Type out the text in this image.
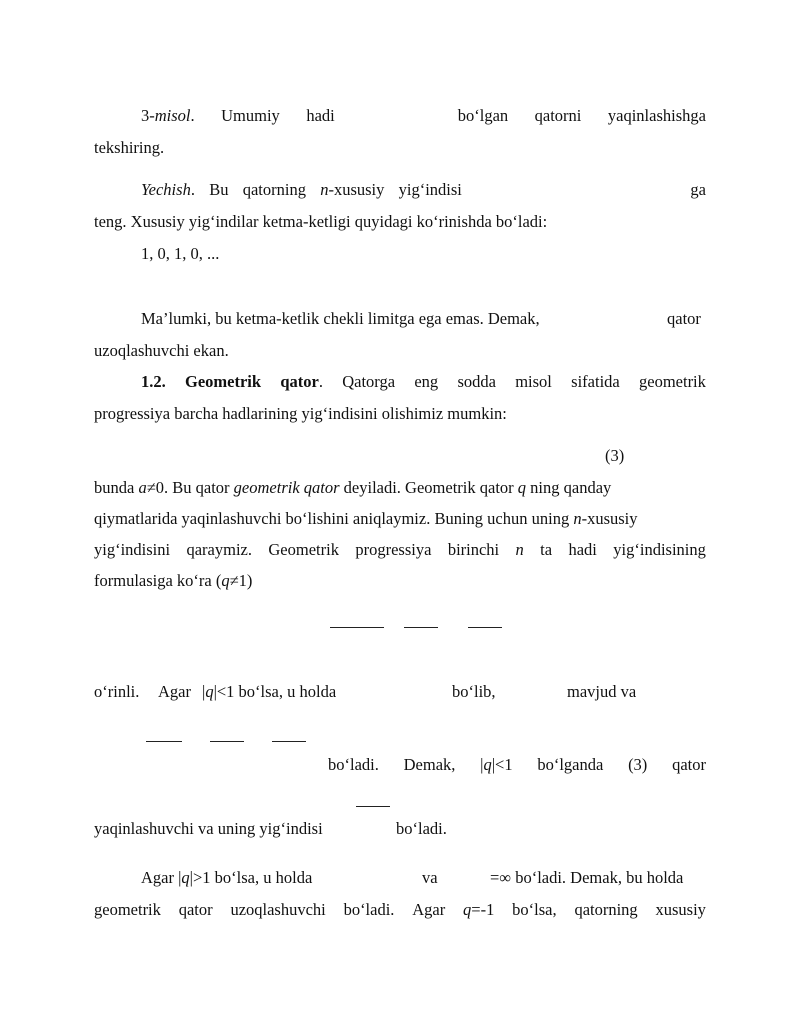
3-misol. Umumiy hadi	bo‘lgan qatorni yaqinlashishga
tekshiring.
Yechish. Bu qatorning n-xususiy yig‘indisi	ga
teng. Xususiy yig‘indilar ketma-ketligi quyidagi ko‘rinishda bo‘ladi:
1, 0, 1, 0, ...
Ma’lumki, bu ketma-ketlik chekli limitga ega emas. Demak,	qator
uzoqlashuvchi ekan.
1.2. Geometrik qator. Qatorga eng sodda misol sifatida geometrik
progressiya barcha hadlarining yig‘indisini olishimiz mumkin:
(3)
bunda a≠0. Bu qator geometrik qator deyiladi. Geometrik qator q ning qanday
qiymatlarida yaqinlashuvchi bo‘lishini aniqlaymiz. Buning uchun uning n-xususiy
yig‘indisini qaraymiz. Geometrik progressiya birinchi n ta hadi yig‘indisining
formulasiga ko‘ra (q≠1)
o‘rinli. Agar |q|<1 bo‘lsa, u holda	bo‘lib,	mavjud va
bo‘ladi. Demak, |q|<1 bo‘lganda (3) qator
yaqinlashuvchi va uning yig‘indisi	bo‘ladi.
Agar |q|>1 bo‘lsa, u holda	va	=∞ bo‘ladi. Demak, bu holda
geometrik qator uzoqlashuvchi bo‘ladi. Agar q=-1 bo‘lsa, qatorning xususiy
